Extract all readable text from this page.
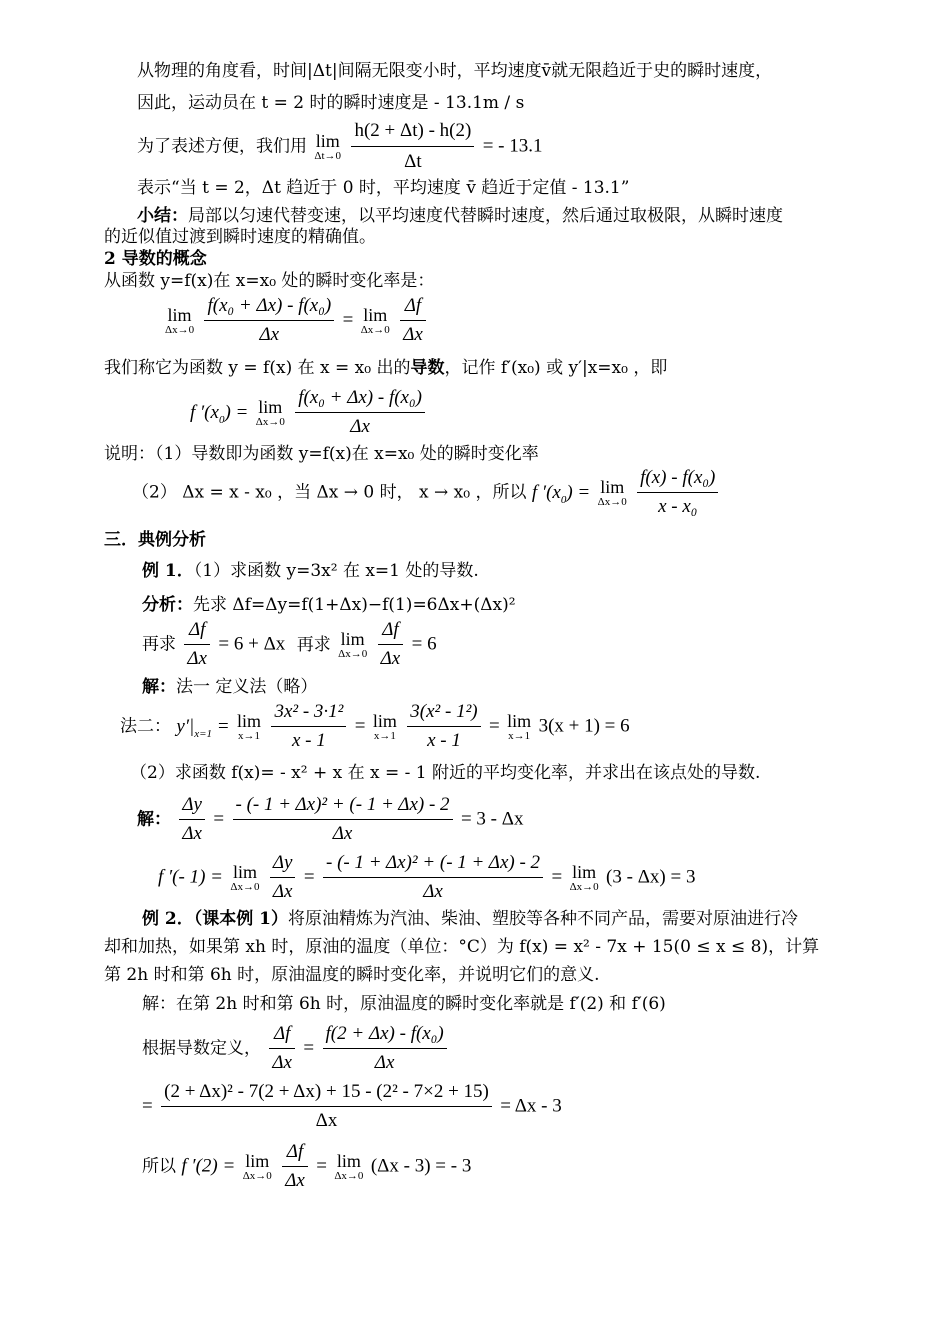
从物理的角度看，时间|Δt|间隔无限变小时，平均速度v̄就无限趋近于史的瞬时速度，
因此，运动员在 t = 2 时的瞬时速度是 - 13.1m / s
为了表述方便，我们用 lim
Δt→0
$\frac{h(2 + \Delta t) - h(2)}{\Delta t}$ = - 13.1
表示“当 t = 2，Δt 趋近于 0 时，平均速度 v̄ 趋近于定值 - 13.1”
小结：局部以匀速代替变速，以平均速度代替瞬时速度，然后通过取极限，从瞬时速度
的近似值过渡到瞬时速度的精确值。
2 导数的概念
从函数 y=f(x)在 x=x₀ 处的瞬时变化率是：
lim
Δx→0
$\frac{\text{f(x₀ + Δx) - f(x₀)}}{\Delta x} = \lim$
Δx→0
$\frac{\Delta f}{\Delta x}$
我们称它为函数 y = f(x) 在 x = x₀ 出的导数，记作 f′(x₀) 或 y′|x=x₀ ，即
f $'(x_0) = \lim$
Δx→0
$\frac{\text{f(x₀ + Δx) - f(x₀)}}{\Delta x}$
说明：（1）导数即为函数 y=f(x)在 x=x₀ 处的瞬时变化率
（2） Δx = x - x₀ ，当 Δx → 0 时， x → x₀ ，所以 f $'(x_0) = \lim$
Δx→0
$\frac{\text{f(x) - f(x₀)}}{\text{x - x₀}}$
三．典例分析
例 1．（1）求函数 y=3x² 在 x=1 处的导数.
分析：先求 Δf=Δy=f(1+Δx)−f(1)=6Δx+(Δx)²
再求 $\frac{\Delta f}{\Delta x} = 6 + \Delta x$ 再求 lim
Δx→0
$\frac{\Delta f}{\Delta x} = 6$
解：法一 定义法（略）
法二： $y'|_{x=1} = \lim$
x→1
$\frac{\text{3x² - 3·1²}}{x - 1} = \lim$
x→1
$\frac{\text{3(x² - 1²)}}{x - 1} = \lim$
x→1 3(x + 1) = 6
（2）求函数 f(x)= - x² + x 在 x = - 1 附近的平均变化率，并求出在该点处的导数.
解： $\frac{\Delta y}{\Delta x} = \frac{\text{- (- 1 + Δx)² + (- 1 + Δx) - 2}}{\Delta x} = 3 - \Delta x$
f ′(- 1) = lim
Δx→0
$\frac{\Delta y}{\Delta x} = \frac{\text{- (- 1 + Δx)² + (- 1 + Δx) - 2}}{\Delta x} = \lim$
Δx→0 (3 - Δx) = 3
例 2．（课本例 1）将原油精炼为汽油、柴油、塑胶等各种不同产品，需要对原油进行冷
却和加热，如果第 xh 时，原油的温度（单位：°C）为 f(x) = x² - 7x + 15(0 ≤ x ≤ 8)，计算
第 2h 时和第 6h 时，原油温度的瞬时变化率，并说明它们的意义.
解：在第 2h 时和第 6h 时，原油温度的瞬时变化率就是 f′(2) 和 f′(6)
根据导数定义， $\frac{\Delta f}{\Delta x} = \frac{\text{f(2 + Δx) - f(x₀)}}{\Delta x}$
= $\frac{\text{(2 + Δx)² - 7(2 + Δx) + 15 - (2² - 7×2 + 15)}}{\Delta x} = \Delta x - 3$
所以 f ′(2) = lim
Δx→0
$\frac{\Delta f}{\Delta x} = \lim$
Δx→0 (Δx - 3) = - 3
